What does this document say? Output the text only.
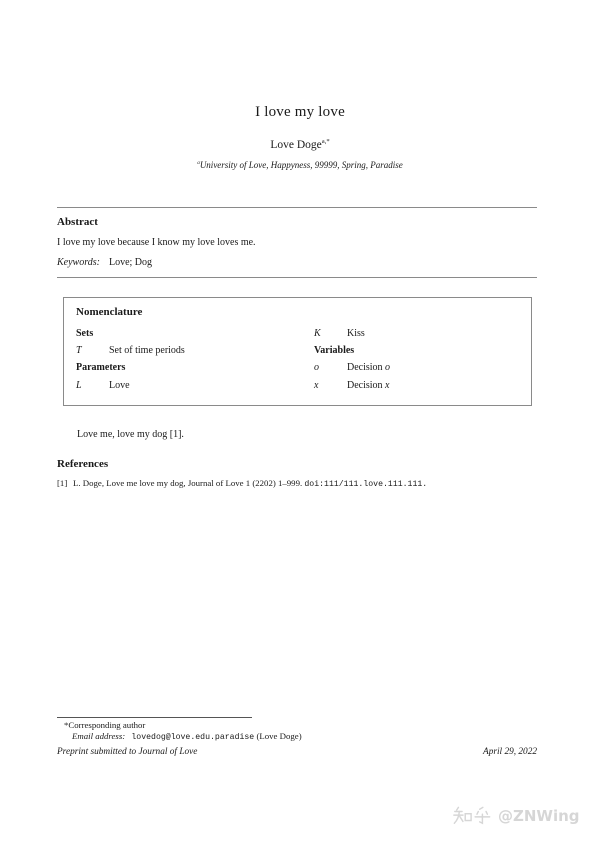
I love my love
Love Doge$^{a,*}$
$^a$University of Love, Happyness, 99999, Spring, Paradise
Abstract
I love my love because I know my love loves me.
Keywords: Love; Dog
Nomenclature
Sets
T	Set of time periods
Parameters
L	Love
K	Kiss
Variables
o	Decision o
x	Decision x
Love me, love my dog [1].
References
[1] L. Doge, Love me love my dog, Journal of Love 1 (2202) 1–999. doi:111/111.love.111.111.
*Corresponding author
Email address: lovedog@love.edu.paradise (Love Doge)
Preprint submitted to Journal of Love	April 29, 2022
@ZNWing
